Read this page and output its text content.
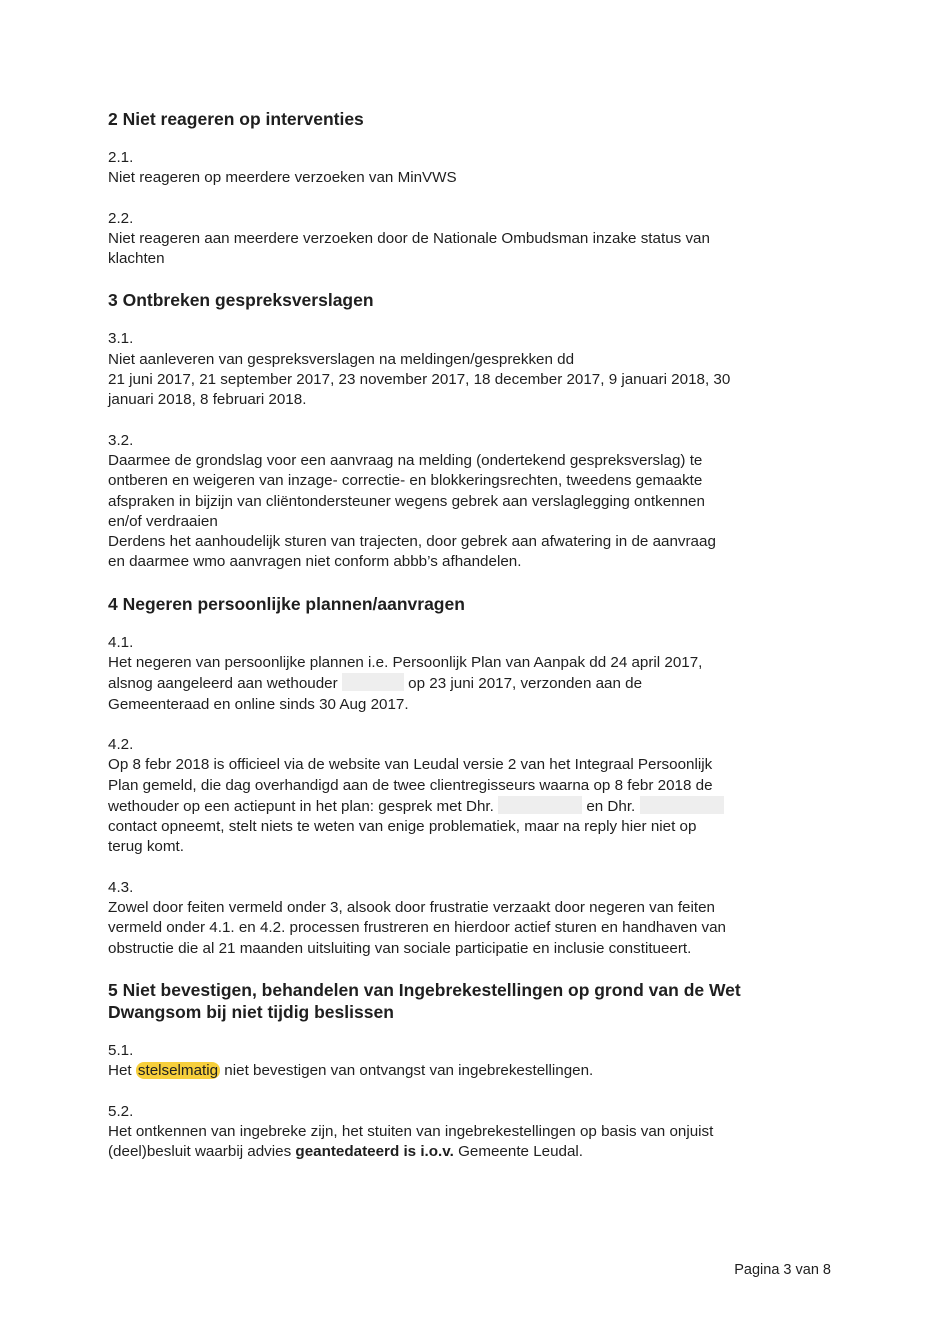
2 Niet reageren op interventies

2.1.

Niet reageren op meerdere verzoeken van MinVWS

2.2.

Niet reageren aan meerdere verzoeken door de Nationale Ombudsman inzake status van

klachten

3 Ontbreken gespreksverslagen

3.1.

Niet aanleveren van gespreksverslagen na meldingen/gesprekken dd

21 juni 2017, 21 september 2017, 23 november 2017, 18 december 2017, 9 januari 2018, 30

januari 2018, 8 februari 2018.

3.2.

Daarmee de grondslag voor een aanvraag na melding (ondertekend gespreksverslag) te

ontberen en weigeren van inzage- correctie- en blokkeringsrechten, tweedens gemaakte

afspraken in bijzijn van cliëntondersteuner wegens gebrek aan verslaglegging ontkennen

en/of verdraaien

Derdens het aanhoudelijk sturen van trajecten, door gebrek aan afwatering in de aanvraag

en daarmee wmo aanvragen niet conform abbb’s afhandelen.

4 Negeren persoonlijke plannen/aanvragen

4.1.

Het negeren van persoonlijke plannen i.e. Persoonlijk Plan van Aanpak dd 24 april 2017,

alsnog aangeleerd aan wethouder	op 23 juni 2017, verzonden aan de

Gemeenteraad en online sinds 30 Aug 2017.

4.2.

Op 8 febr 2018 is officieel via de website van Leudal versie 2 van het Integraal Persoonlijk

Plan gemeld, die dag overhandigd aan de twee clientregisseurs waarna op 8 febr 2018 de

wethouder op een actiepunt in het plan: gesprek met Dhr.	en Dhr.

contact opneemt, stelt niets te weten van enige problematiek, maar na reply hier niet op

terug komt.

4.3.

Zowel door feiten vermeld onder 3, alsook door frustratie verzaakt door negeren van feiten

vermeld onder 4.1. en 4.2. processen frustreren en hierdoor actief sturen en handhaven van

obstructie die al 21 maanden uitsluiting van sociale participatie en inclusie constitueert.

5 Niet bevestigen, behandelen van Ingebrekestellingen op grond van de Wet
Dwangsom bij niet tijdig beslissen

5.1.

Het stelselmatig niet bevestigen van ontvangst van ingebrekestellingen.

5.2.

Het ontkennen van ingebreke zijn, het stuiten van ingebrekestellingen op basis van onjuist

(deel)besluit waarbij advies geantedateerd is i.o.v. Gemeente Leudal.

Pagina 3 van 8
